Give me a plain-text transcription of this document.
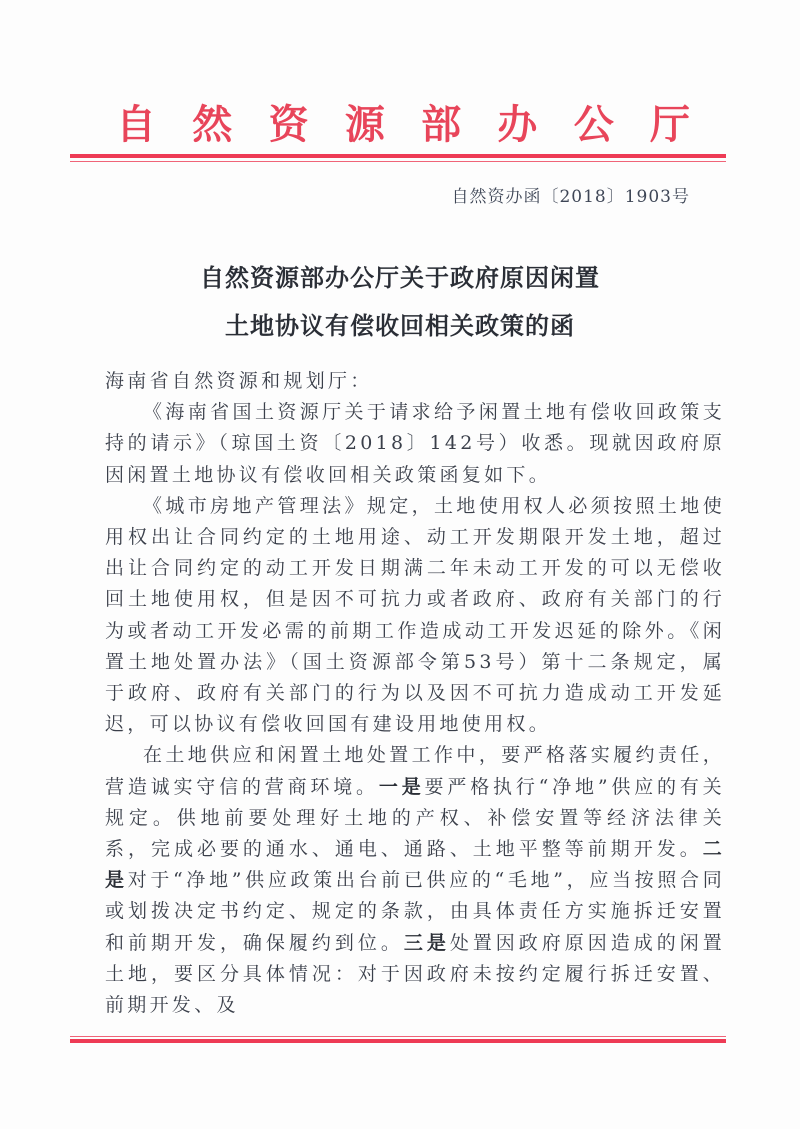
自 然 资 源 部 办 公 厅
自然资办函〔2018〕1903号
自然资源部办公厅关于政府原因闲置
土地协议有偿收回相关政策的函

海南省自然资源和规划厅：

《海南省国土资源厅关于请求给予闲置土地有偿收回政策支持的请示》（琼国土资〔2018〕142号）收悉。现就因政府原因闲置土地协议有偿收回相关政策函复如下。

《城市房地产管理法》规定，土地使用权人必须按照土地使用权出让合同约定的土地用途、动工开发期限开发土地，超过出让合同约定的动工开发日期满二年未动工开发的可以无偿收回土地使用权，但是因不可抗力或者政府、政府有关部门的行为或者动工开发必需的前期工作造成动工开发迟延的除外。《闲置土地处置办法》（国土资源部令第53号）第十二条规定，属于政府、政府有关部门的行为以及因不可抗力造成动工开发延迟，可以协议有偿收回国有建设用地使用权。

在土地供应和闲置土地处置工作中，要严格落实履约责任，营造诚实守信的营商环境。一是要严格执行“净地”供应的有关规定。供地前要处理好土地的产权、补偿安置等经济法律关系，完成必要的通水、通电、通路、土地平整等前期开发。二是对于“净地”供应政策出台前已供应的“毛地”，应当按照合同或划拨决定书约定、规定的条款，由具体责任方实施拆迁安置和前期开发，确保履约到位。三是处置因政府原因造成的闲置土地，要区分具体情况：对于因政府未按约定履行拆迁安置、前期开发、及
